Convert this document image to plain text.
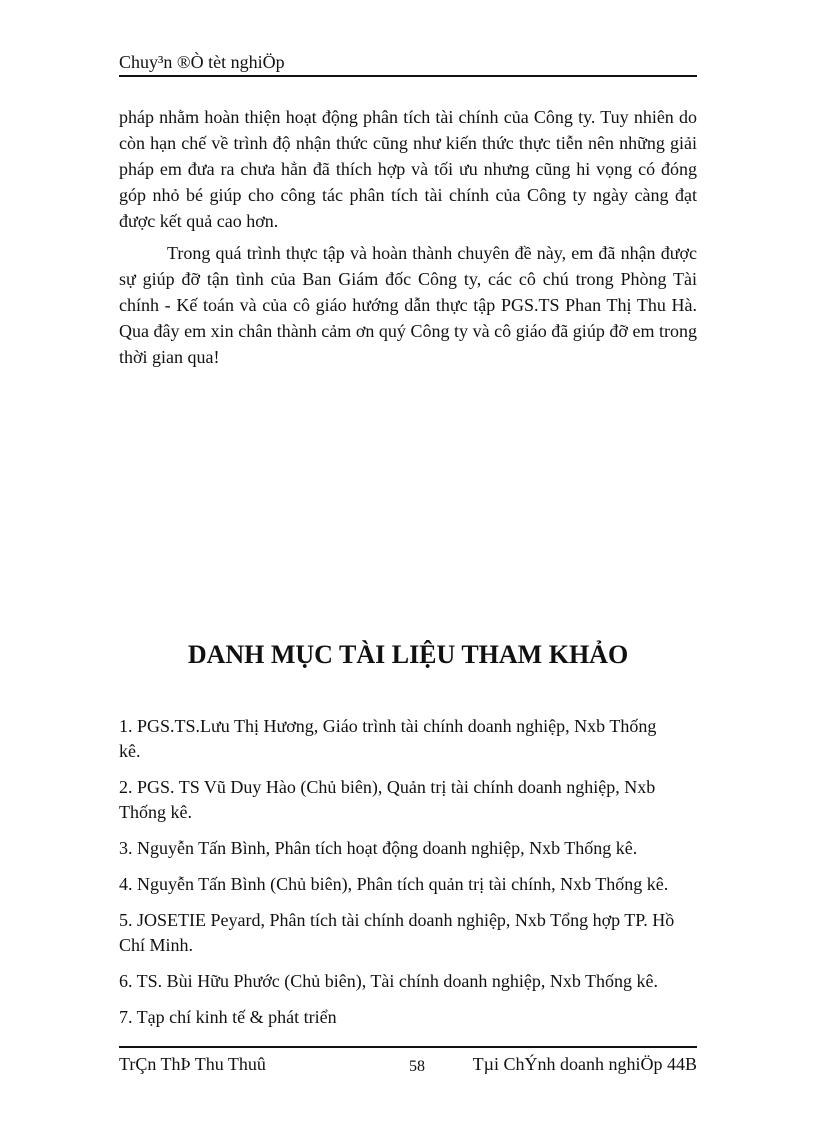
Chuy³n ®Ò tèt nghiÖp
pháp nhằm hoàn thiện hoạt động phân tích tài chính của Công ty. Tuy nhiên do còn hạn chế về trình độ nhận thức cũng như kiến thức thực tiễn nên những giải pháp em đưa ra chưa hẳn đã thích hợp và tối ưu nhưng cũng hi vọng có đóng góp nhỏ bé giúp cho công tác phân tích tài chính của Công ty ngày càng đạt được kết quả cao hơn.
Trong quá trình thực tập và hoàn thành chuyên đề này, em đã nhận được sự giúp đỡ tận tình của Ban Giám đốc Công ty, các cô chú trong Phòng Tài chính - Kế toán và của cô giáo hướng dẫn thực tập PGS.TS Phan Thị Thu Hà. Qua đây em xin chân thành cảm ơn quý Công ty và cô giáo đã giúp đỡ em trong thời gian qua!
DANH MỤC TÀI LIỆU THAM KHẢO
1. PGS.TS.Lưu Thị Hương, Giáo trình tài chính doanh nghiệp, Nxb Thống kê.
2. PGS. TS Vũ Duy Hào (Chủ biên), Quản trị tài chính doanh nghiệp, Nxb Thống kê.
3. Nguyễn Tấn Bình, Phân tích hoạt động doanh nghiệp, Nxb Thống kê.
4. Nguyễn Tấn Bình (Chủ biên), Phân tích quản trị tài chính, Nxb Thống kê.
5. JOSETIE Peyard, Phân tích tài chính doanh nghiệp, Nxb Tổng hợp TP. Hồ Chí Minh.
6. TS. Bùi Hữu Phước (Chủ biên), Tài chính doanh nghiệp, Nxb Thống kê.
7. Tạp chí kinh tế & phát triển
TrÇn ThÞ Thu Thuû	58	Tµi ChÝnh doanh nghiÖp 44B
